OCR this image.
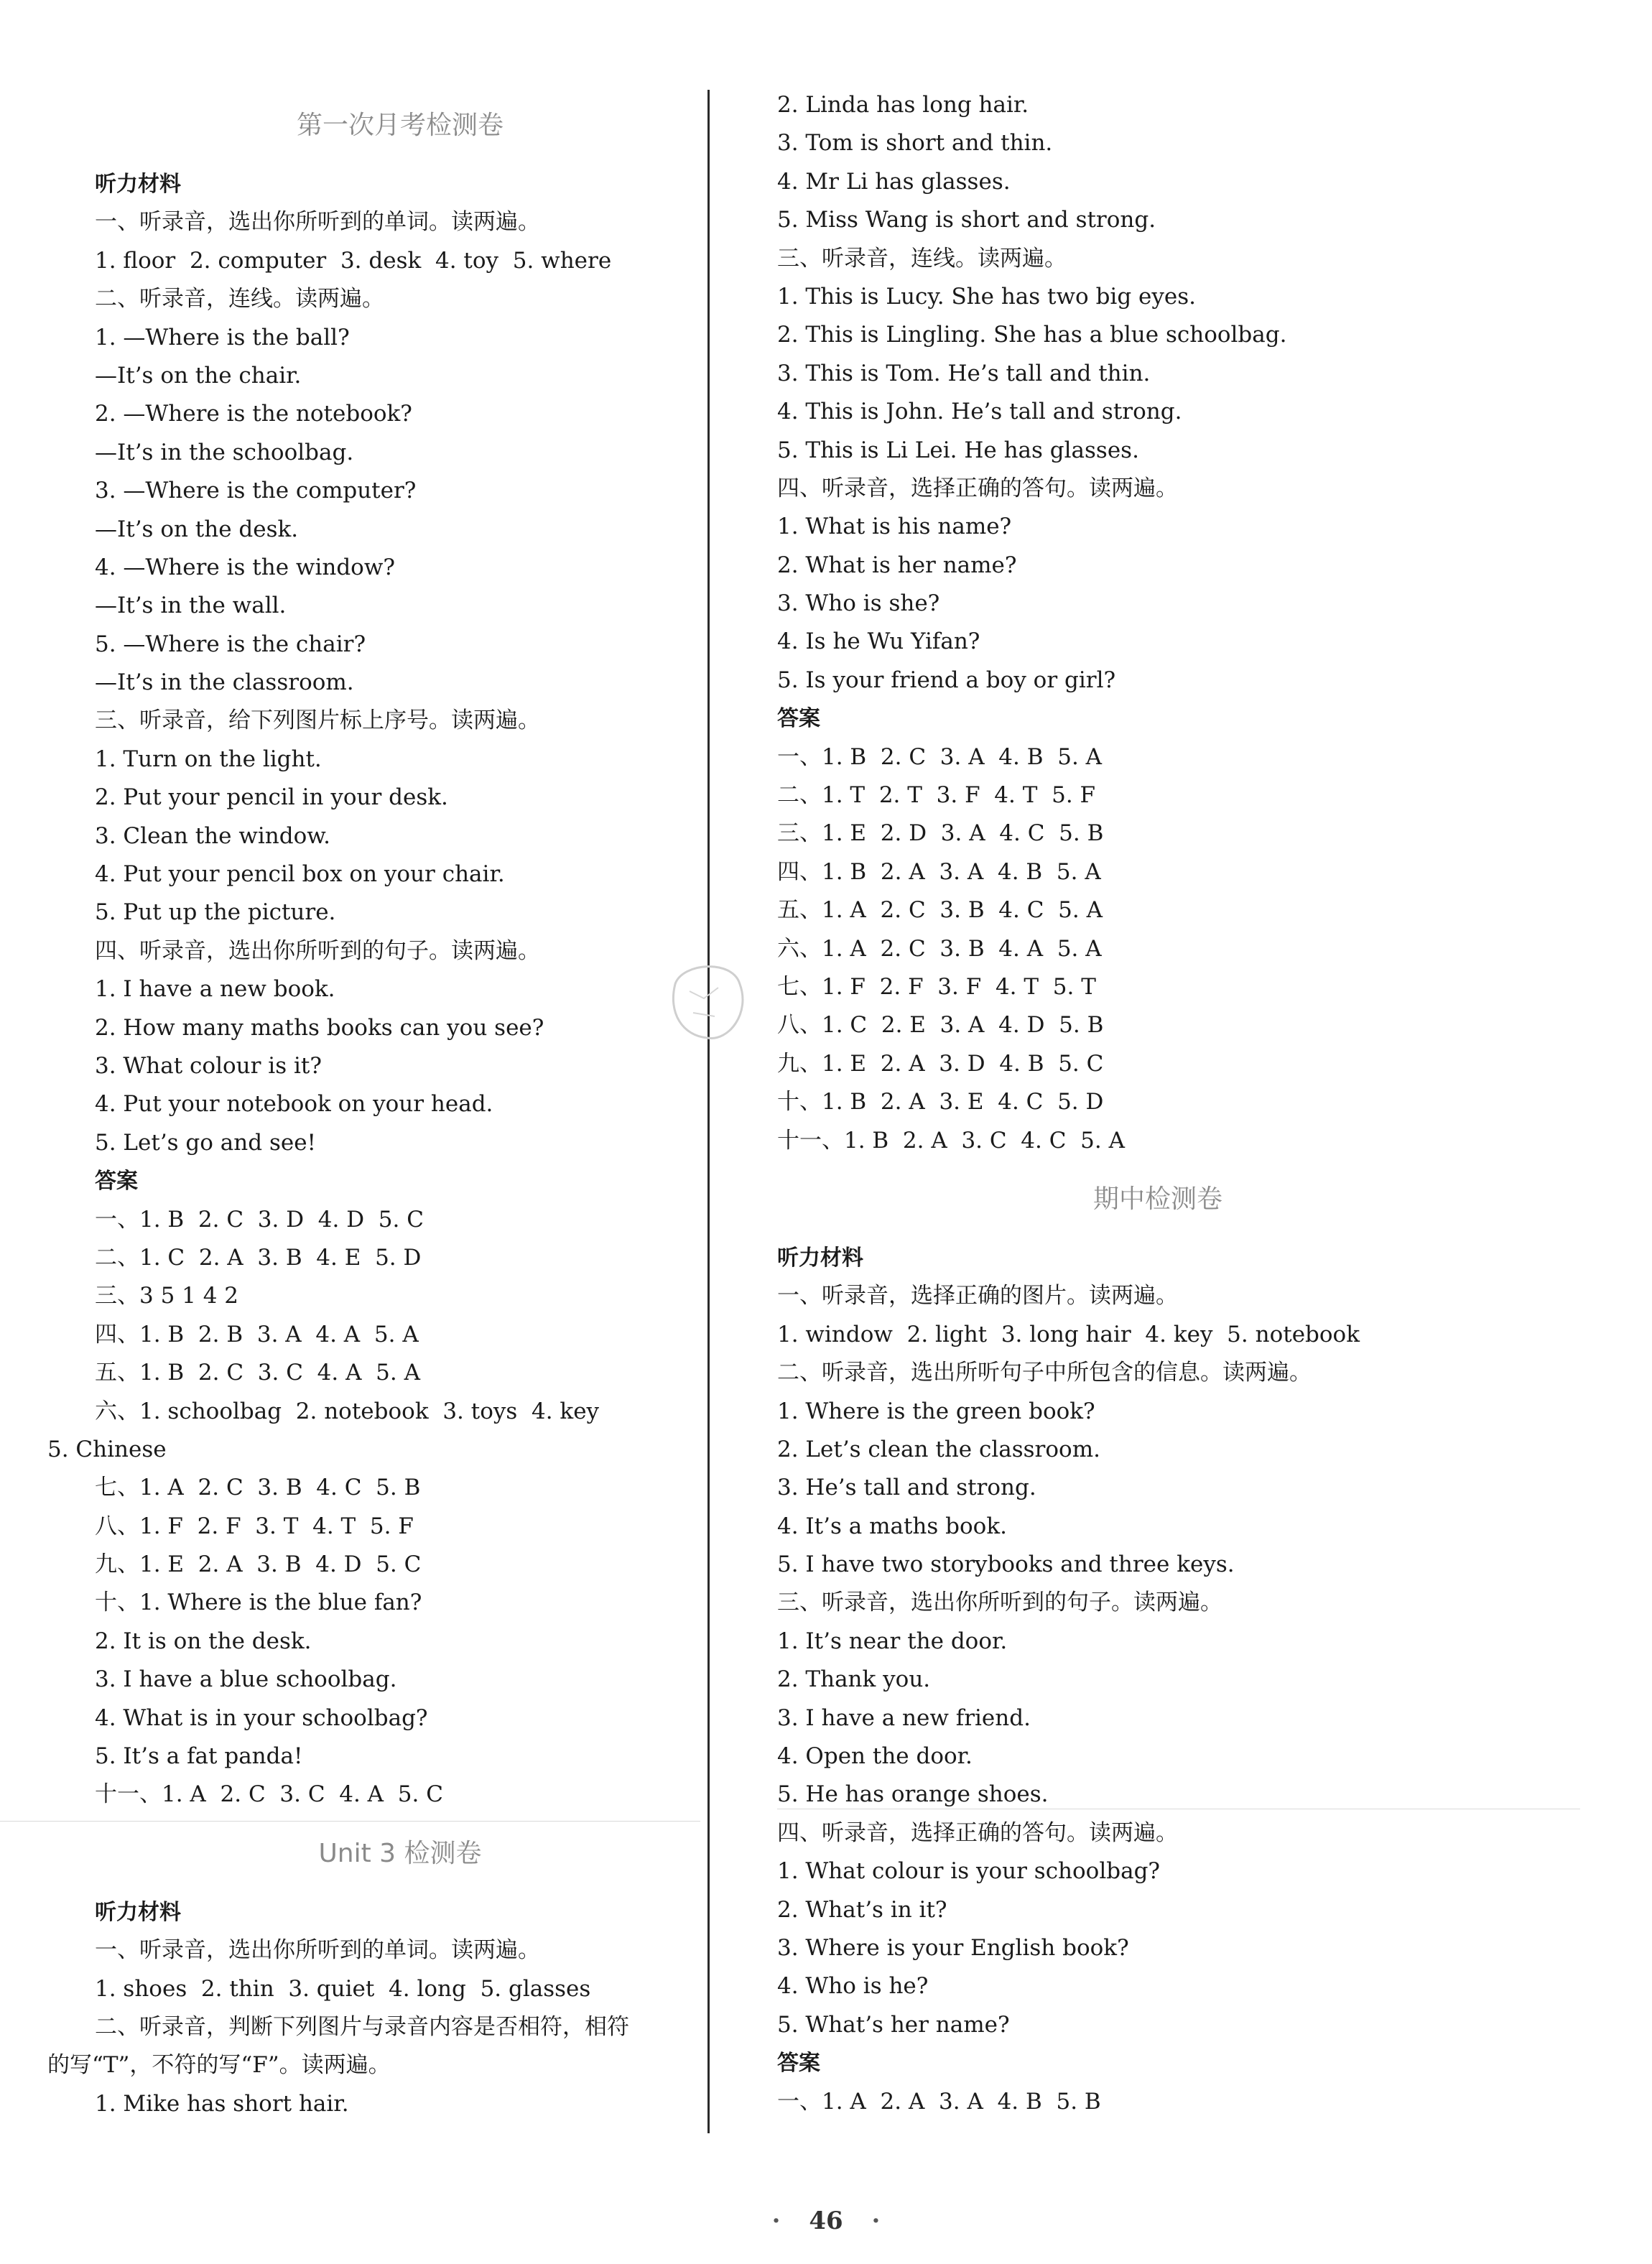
第一次月考检测卷
听力材料
一、听录音，选出你所听到的单词。读两遍。
1. floor  2. computer  3. desk  4. toy  5. where
二、听录音，连线。读两遍。
1. —Where is the ball?
—It’s on the chair.
2. —Where is the notebook?
—It’s in the schoolbag.
3. —Where is the computer?
—It’s on the desk.
4. —Where is the window?
—It’s in the wall.
5. —Where is the chair?
—It’s in the classroom.
三、听录音，给下列图片标上序号。读两遍。
1. Turn on the light.
2. Put your pencil in your desk.
3. Clean the window.
4. Put your pencil box on your chair.
5. Put up the picture.
四、听录音，选出你所听到的句子。读两遍。
1. I have a new book.
2. How many maths books can you see?
3. What colour is it?
4. Put your notebook on your head.
5. Let’s go and see!
答案
一、1. B  2. C  3. D  4. D  5. C
二、1. C  2. A  3. B  4. E  5. D
三、3 5 1 4 2
四、1. B  2. B  3. A  4. A  5. A
五、1. B  2. C  3. C  4. A  5. A
六、1. schoolbag  2. notebook  3. toys  4. key
5. Chinese
七、1. A  2. C  3. B  4. C  5. B
八、1. F  2. F  3. T  4. T  5. F
九、1. E  2. A  3. B  4. D  5. C
十、1. Where is the blue fan?
2. It is on the desk.
3. I have a blue schoolbag.
4. What is in your schoolbag?
5. It’s a fat panda!
十一、1. A  2. C  3. C  4. A  5. C
Unit 3 检测卷
听力材料
一、听录音，选出你所听到的单词。读两遍。
1. shoes  2. thin  3. quiet  4. long  5. glasses
二、听录音，判断下列图片与录音内容是否相符，相符
的写“T”，不符的写“F”。读两遍。
1. Mike has short hair.
2. Linda has long hair.
3. Tom is short and thin.
4. Mr Li has glasses.
5. Miss Wang is short and strong.
三、听录音，连线。读两遍。
1. This is Lucy. She has two big eyes.
2. This is Lingling. She has a blue schoolbag.
3. This is Tom. He’s tall and thin.
4. This is John. He’s tall and strong.
5. This is Li Lei. He has glasses.
四、听录音，选择正确的答句。读两遍。
1. What is his name?
2. What is her name?
3. Who is she?
4. Is he Wu Yifan?
5. Is your friend a boy or girl?
答案
一、1. B  2. C  3. A  4. B  5. A
二、1. T  2. T  3. F  4. T  5. F
三、1. E  2. D  3. A  4. C  5. B
四、1. B  2. A  3. A  4. B  5. A
五、1. A  2. C  3. B  4. C  5. A
六、1. A  2. C  3. B  4. A  5. A
七、1. F  2. F  3. F  4. T  5. T
八、1. C  2. E  3. A  4. D  5. B
九、1. E  2. A  3. D  4. B  5. C
十、1. B  2. A  3. E  4. C  5. D
十一、1. B  2. A  3. C  4. C  5. A
期中检测卷
听力材料
一、听录音，选择正确的图片。读两遍。
1. window  2. light  3. long hair  4. key  5. notebook
二、听录音，选出所听句子中所包含的信息。读两遍。
1. Where is the green book?
2. Let’s clean the classroom.
3. He’s tall and strong.
4. It’s a maths book.
5. I have two storybooks and three keys.
三、听录音，选出你所听到的句子。读两遍。
1. It’s near the door.
2. Thank you.
3. I have a new friend.
4. Open the door.
5. He has orange shoes.
四、听录音，选择正确的答句。读两遍。
1. What colour is your schoolbag?
2. What’s in it?
3. Where is your English book?
4. Who is he?
5. What’s her name?
答案
一、1. A  2. A  3. A  4. B  5. B
· 46 ·
